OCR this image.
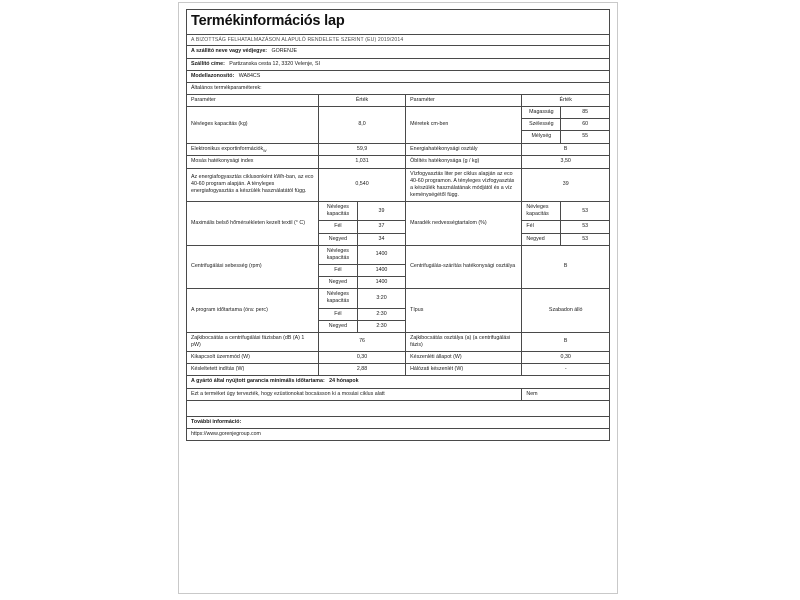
Termékinformációs lap					

A BIZOTTSÁG FELHATALMAZÁSON ALAPULÓ RENDELETE SZERINT (EU) 2019/2014					

A szállító neve vagy védjegye: GORENJE					
Szállító címe: Partizanska cesta 12, 3320 Velenje, SI					
Modellazonosító: WA84CS					
Általános termékparaméterek:					
Paraméter	Érték		Paraméter	Érték	
Névleges kapacitás (kg)	8,0		Méretek cm-ben	Magasság	85
				Szélesség	60
				Mélység	55
Elektronikus exportinformációk$_W$	59,9		Energiahatékonysági osztály	B	
Mosás hatékonysági index	1,031		Öblítés hatékonysága (g / kg)	3,50	
Az energiafogyasztás ciklusonként kWh-ban, az eco 40-60 program alapján. A tényleges energiafogyasztás a készülék használatától függ.	0,540		Vízfogyasztás liter per ciklus alapján az eco 40-60 programon. A tényleges vízfogyasztás a készülék használatának módjától és a víz keménységétől függ.	39	
Maximális belső hőmérsékleten kezelt textil (° C)	Névleges kapacitás	39	Maradék nedvességtartalom (%)	Névleges kapacitás	53
	Fél	37		Fél	53
	Negyed	34		Negyed	53
Centrifugálási sebesség (rpm)	Névleges kapacitás	1400	Centrifugálás-szárítás hatékonysági osztálya	B	
	Fél	1400			
	Negyed	1400			
A program időtartama (óra: perc)	Névleges kapacitás	3:20	Típus	Szabadon álló	
	Fél	2:30			
	Negyed	2:30			
Zajkibocsátás a centrifugálási fázisban (dB (A) 1 pW)	76		Zajkibocsátás osztálya (a) (a centrifugálási fázis)	B	
Kikapcsolt üzemmód (W)	0,30		Készenléti állapot (W)	0,30	
Késleltetett indítás (W)	2,88		Hálózati készenlét (W)	-	
A gyártó által nyújtott garancia minimális időtartama: 24 hónapok					
Ezt a terméket úgy tervezték, hogy ezüstionokat bocsásson ki a mosási ciklus alatt				Nem	

További információ:					
https://www.gorenjegroup.com					
